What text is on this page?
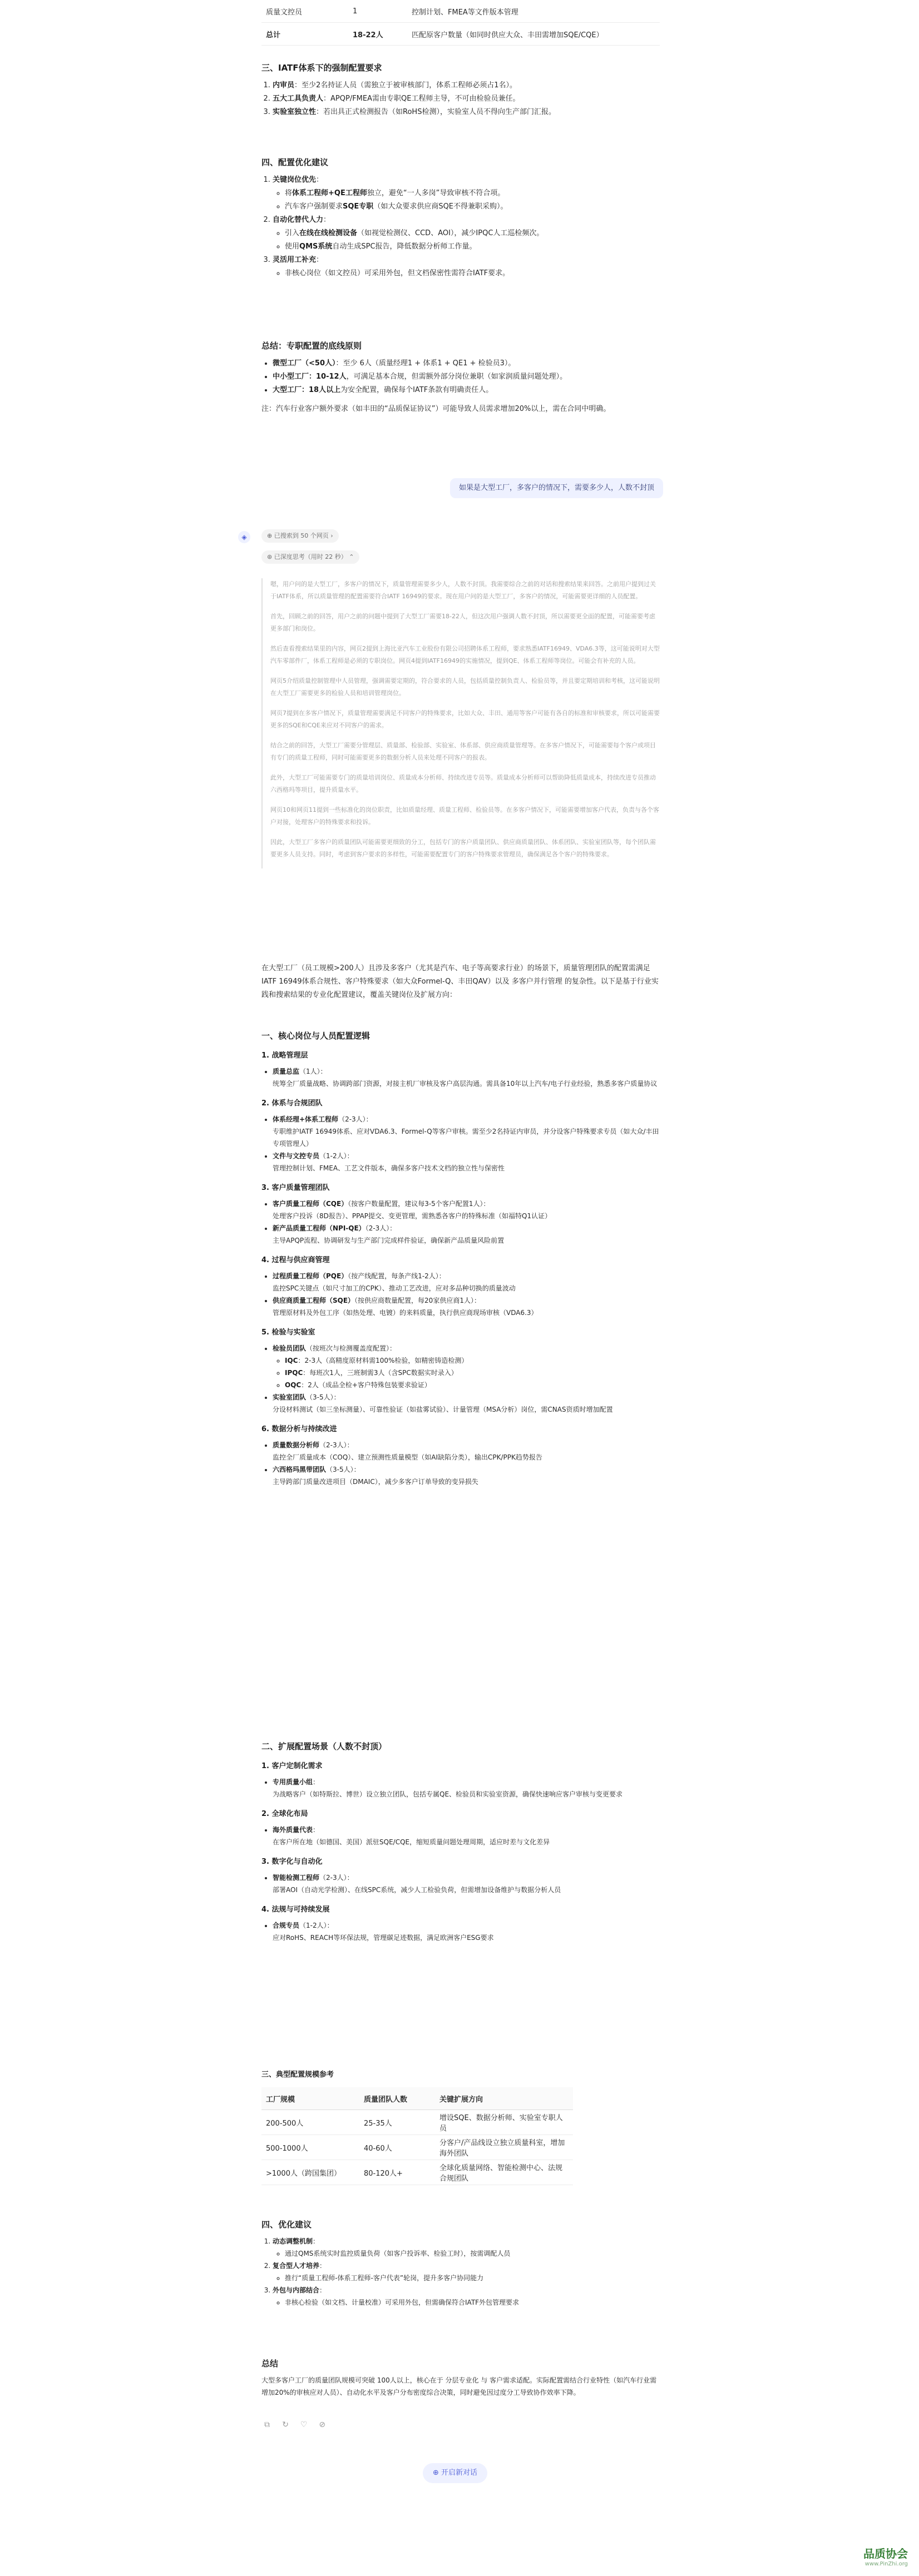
质量文控员	1	控制计划、FMEA等文件版本管理
总计	18-22人	匹配原客户数量（如同时供应大众、丰田需增加SQE/CQE）
三、IATF体系下的强制配置要求
1. 内审员：至少2名持证人员（需独立于被审核部门，体系工程师必须占1名）。
2. 五大工具负责人：APQP/FMEA需由专职QE工程师主导，不可由检验员兼任。
3. 实验室独立性：若出具正式检测报告（如RoHS检测），实验室人员不得向生产部门汇报。
四、配置优化建议
1. 关键岗位优先：
◦ 将体系工程师+QE工程师独立，避免“一人多岗”导致审核不符合项。
◦ 汽车客户强制要求SQE专职（如大众要求供应商SQE不得兼职采购）。
2. 自动化替代人力：
◦ 引入在线在线检测设备（如视觉检测仪、CCD、AOI），减少IPQC人工巡检频次。
◦ 使用QMS系统自动生成SPC报告，降低数据分析师工作量。
3. 灵活用工补充：
◦ 非核心岗位（如文控员）可采用外包，但文档保密性需符合IATF要求。
总结：专职配置的底线原则
• 微型工厂（<50人）：至少 6人（质量经理1 + 体系1 + QE1 + 检验员3）。
• 中小型工厂：10-12人，可满足基本合规，但需额外部分岗位兼职（如家润质量问题处理）。
• 大型工厂：18人以上为安全配置，确保每个IATF条款有明确责任人。

注：汽车行业客户额外要求（如丰田的“品质保证协议”）可能导致人员需求增加20%以上，需在合同中明确。

如果是大型工厂，多客户的情况下，需要多少人，人数不封顶
◈	⊕ 已搜索到 50 个网页 ›
⊛ 已深度思考（用时 22 秒） ⌃

嗯，用户问的是大型工厂，多客户的情况下，质量管理需要多少人，人数不封顶。我需要综合之前的对话和搜索结果来回答。之前用户提到过关于IATF体系，所以质量管理的配置需要符合IATF 16949的要求。现在用户问的是大型工厂，多客户的情况，可能需要更详细的人员配置。

首先，回顾之前的回答，用户之前的问题中提到了大型工厂需要18-22人，但这次用户强调人数不封顶，所以需要更全面的配置，可能需要考虑更多部门和岗位。

然后查看搜索结果里的内容，网页2提到上海比亚汽车工业股份有限公司招聘体系工程师，要求熟悉IATF16949、VDA6.3等，这可能说明对大型汽车零部件厂，体系工程师是必须的专职岗位。网页4提到IATF16949的实施情况，提到QE、体系工程师等岗位。可能会有补充的人员。

网页5介绍质量控制管理中人员管理，强调需要定期的，符合要求的人员，包括质量控制负责人、检验员等，并且要定期培训和考核，这可能说明在大型工厂需要更多的检验人员和培训管理岗位。

网页7提到在多客户情况下，质量管理需要满足不同客户的特殊要求，比如大众、丰田、通用等客户可能有各自的标准和审核要求，所以可能需要更多的SQE和CQE来应对不同客户的需求。

结合之前的回答，大型工厂需要分管理层、质量部、检验部、实验室、体系部、供应商质量管理等。在多客户情况下，可能需要每个客户或项目有专门的质量工程师，同时可能需要更多的数据分析人员来处理不同客户的报表。

此外，大型工厂可能需要专门的质量培训岗位、质量成本分析师、持续改进专员等。质量成本分析师可以帮助降低质量成本，持续改进专员推动六西格玛等项目，提升质量水平。

网页10和网页11提到一些标准化的岗位职责，比如质量经理、质量工程师、检验员等。在多客户情况下，可能需要增加客户代表，负责与各个客户对接，处理客户的特殊要求和投诉。

因此，大型工厂多客户的质量团队可能需要更细致的分工，包括专门的客户质量团队、供应商质量团队、体系团队、实验室团队等，每个团队需要更多人员支持。同时，考虑到客户要求的多样性，可能需要配置专门的客户特殊要求管理员，确保满足各个客户的特殊要求。

在大型工厂（员工规模>200人）且涉及多客户（尤其是汽车、电子等高要求行业）的场景下，质量管理团队的配置需满足 IATF 16949体系合规性、客户特殊要求（如大众Formel-Q、丰田QAV）以及 多客户并行管理 的复杂性。以下是基于行业实践和搜索结果的专业化配置建议，覆盖关键岗位及扩展方向：

一、核心岗位与人员配置逻辑
1. 战略管理层
• 质量总监（1人）：
统筹全厂质量战略、协调跨部门资源，对接主机厂审核及客户高层沟通。需具备10年以上汽车/电子行业经验，熟悉多客户质量协议
2. 体系与合规团队
• 体系经理+体系工程师（2-3人）：
专职维护IATF 16949体系、应对VDA6.3、Formel-Q等客户审核。需至少2名持证内审员，并分设客户特殊要求专员（如大众/丰田专项管理人）
• 文件与文控专员（1-2人）：
管理控制计划、FMEA、工艺文件版本，确保多客户技术文档的独立性与保密性
3. 客户质量管理团队
• 客户质量工程师（CQE）（按客户数量配置，建议每3-5个客户配置1人）：
处理客户投诉（8D报告）、PPAP提交、变更管理，需熟悉各客户的特殊标准（如福特Q1认证）
• 新产品质量工程师（NPI-QE）（2-3人）：
主导APQP流程、协调研发与生产部门完成样件验证，确保新产品质量风险前置
4. 过程与供应商管理
• 过程质量工程师（PQE）（按产线配置，每条产线1-2人）：
监控SPC关键点（如尺寸加工的CPK）、推动工艺改进，应对多品种切换的质量波动
• 供应商质量工程师（SQE）（按供应商数量配置，每20家供应商1人）：
管理原材料及外包工序（如热处理、电镀）的来料质量，执行供应商现场审核（VDA6.3）
5. 检验与实验室
• 检验员团队（按班次与检测覆盖度配置）：
◦ IQC：2-3人（高精度原材料需100%检验，如精密铸造检测）
◦ IPQC：每班次1人，三班制需3人（含SPC数据实时录入）
◦ OQC：2人（成品全检+客户特殊包装要求验证）
• 实验室团队（3-5人）：
分设材料测试（如三坐标测量）、可靠性验证（如盐雾试验）、计量管理（MSA分析）岗位，需CNAS资质时增加配置
6. 数据分析与持续改进
• 质量数据分析师（2-3人）：
监控全厂质量成本（COQ）、建立预测性质量模型（如AI缺陷分类），输出CPK/PPK趋势报告
• 六西格玛黑带团队（3-5人）：
主导跨部门质量改进项目（DMAIC），减少多客户订单导致的变异损失
二、扩展配置场景（人数不封顶）
1. 客户定制化需求
• 专用质量小组：
为战略客户（如特斯拉、博世）设立独立团队，包括专属QE、检验员和实验室资源，确保快速响应客户审核与变更要求
2. 全球化布局
• 海外质量代表：
在客户所在地（如德国、美国）派驻SQE/CQE，缩短质量问题处理周期，适应时差与文化差异
3. 数字化与自动化
• 智能检测工程师（2-3人）：
部署AOI（自动光学检测）、在线SPC系统，减少人工检验负荷，但需增加设备维护与数据分析人员
4. 法规与可持续发展
• 合规专员（1-2人）：
应对RoHS、REACH等环保法规，管理碳足迹数据，满足欧洲客户ESG要求
三、典型配置规模参考
工厂规模	质量团队人数	关键扩展方向
200-500人	25-35人	增设SQE、数据分析师、实验室专职人员
500-1000人	40-60人	分客户/产品线设立独立质量科室，增加海外团队
>1000人（跨国集团）	80-120人+	全球化质量网络、智能检测中心、法规合规团队
四、优化建议
1. 动态调整机制：
◦ 通过QMS系统实时监控质量负荷（如客户投诉率、检验工时），按需调配人员
2. 复合型人才培养：
◦ 推行“质量工程师-体系工程师-客户代表”轮岗，提升多客户协同能力
3. 外包与内部结合：
◦ 非核心检验（如文档、计量校准）可采用外包，但需确保符合IATF外包管理要求
总结

大型多客户工厂的质量团队规模可突破 100人以上，核心在于 分层专业化 与 客户需求适配。实际配置需结合行业特性（如汽车行业需增加20%的审核应对人员）、自动化水平及客户分布密度综合决策，同时避免因过度分工导致协作效率下降。

⧉ ↻ ♡ ⊘
⊕ 开启新对话
品质协会
www.PinZhi.org
